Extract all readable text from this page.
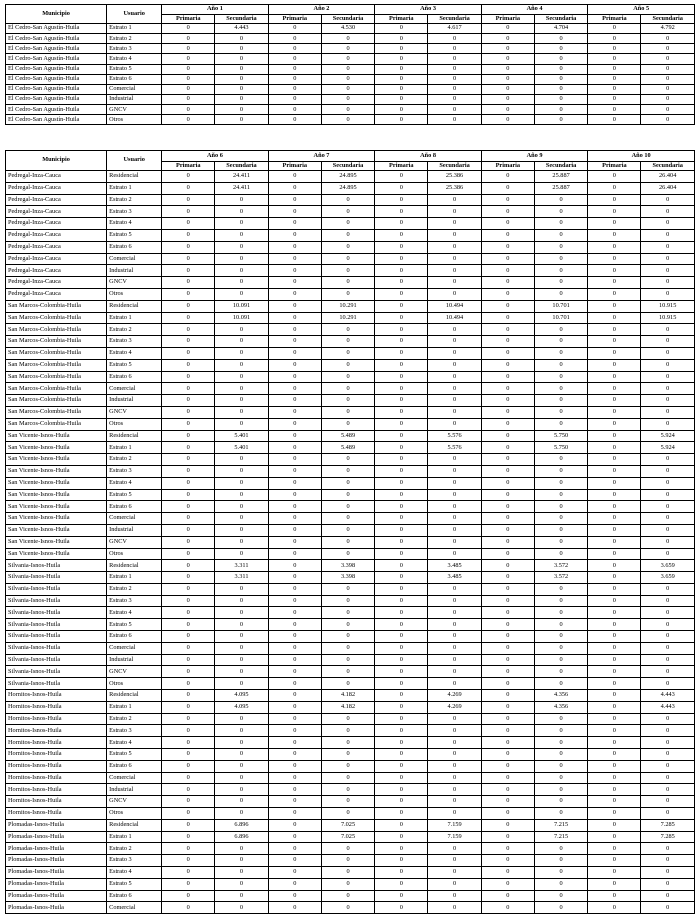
Municipio	Usuario	Año 1		Año 2		Año 3		Año 4		Año 5	
		Primaria	Secundaria	Primaria	Secundaria	Primaria	Secundaria	Primaria	Secundaria	Primaria	Secundaria
El Cedro-San Agustín-Huila	Estrato 1	0	4.443	0	4.530	0	4.617	0	4.704	0	4.792
El Cedro-San Agustín-Huila	Estrato 2	0	0	0	0	0	0	0	0	0	0
El Cedro-San Agustín-Huila	Estrato 3	0	0	0	0	0	0	0	0	0	0
El Cedro-San Agustín-Huila	Estrato 4	0	0	0	0	0	0	0	0	0	0
El Cedro-San Agustín-Huila	Estrato 5	0	0	0	0	0	0	0	0	0	0
El Cedro-San Agustín-Huila	Estrato 6	0	0	0	0	0	0	0	0	0	0
El Cedro-San Agustín-Huila	Comercial	0	0	0	0	0	0	0	0	0	0
El Cedro-San Agustín-Huila	Industrial	0	0	0	0	0	0	0	0	0	0
El Cedro-San Agustín-Huila	GNCV	0	0	0	0	0	0	0	0	0	0
El Cedro-San Agustín-Huila	Otros	0	0	0	0	0	0	0	0	0	0
Municipio	Usuario	Año 6		Año 7		Año 8		Año 9		Año 10	
		Primaria	Secundaria	Primaria	Secundaria	Primaria	Secundaria	Primaria	Secundaria	Primaria	Secundaria
Pedregal-Inza-Cauca	Residencial	0	24.411	0	24.895	0	25.386	0	25.887	0	26.404
Pedregal-Inza-Cauca	Estrato 1	0	24.411	0	24.895	0	25.386	0	25.887	0	26.404
Pedregal-Inza-Cauca	Estrato 2	0	0	0	0	0	0	0	0	0	0
Pedregal-Inza-Cauca	Estrato 3	0	0	0	0	0	0	0	0	0	0
Pedregal-Inza-Cauca	Estrato 4	0	0	0	0	0	0	0	0	0	0
Pedregal-Inza-Cauca	Estrato 5	0	0	0	0	0	0	0	0	0	0
Pedregal-Inza-Cauca	Estrato 6	0	0	0	0	0	0	0	0	0	0
Pedregal-Inza-Cauca	Comercial	0	0	0	0	0	0	0	0	0	0
Pedregal-Inza-Cauca	Industrial	0	0	0	0	0	0	0	0	0	0
Pedregal-Inza-Cauca	GNCV	0	0	0	0	0	0	0	0	0	0
Pedregal-Inza-Cauca	Otros	0	0	0	0	0	0	0	0	0	0
San Marcos-Colombia-Huila	Residencial	0	10.091	0	10.291	0	10.494	0	10.701	0	10.915
San Marcos-Colombia-Huila	Estrato 1	0	10.091	0	10.291	0	10.494	0	10.701	0	10.915
San Marcos-Colombia-Huila	Estrato 2	0	0	0	0	0	0	0	0	0	0
San Marcos-Colombia-Huila	Estrato 3	0	0	0	0	0	0	0	0	0	0
San Marcos-Colombia-Huila	Estrato 4	0	0	0	0	0	0	0	0	0	0
San Marcos-Colombia-Huila	Estrato 5	0	0	0	0	0	0	0	0	0	0
San Marcos-Colombia-Huila	Estrato 6	0	0	0	0	0	0	0	0	0	0
San Marcos-Colombia-Huila	Comercial	0	0	0	0	0	0	0	0	0	0
San Marcos-Colombia-Huila	Industrial	0	0	0	0	0	0	0	0	0	0
San Marcos-Colombia-Huila	GNCV	0	0	0	0	0	0	0	0	0	0
San Marcos-Colombia-Huila	Otros	0	0	0	0	0	0	0	0	0	0
San Vicente-Isnos-Huila	Residencial	0	5.401	0	5.489	0	5.576	0	5.750	0	5.924
San Vicente-Isnos-Huila	Estrato 1	0	5.401	0	5.489	0	5.576	0	5.750	0	5.924
San Vicente-Isnos-Huila	Estrato 2	0	0	0	0	0	0	0	0	0	0
San Vicente-Isnos-Huila	Estrato 3	0	0	0	0	0	0	0	0	0	0
San Vicente-Isnos-Huila	Estrato 4	0	0	0	0	0	0	0	0	0	0
San Vicente-Isnos-Huila	Estrato 5	0	0	0	0	0	0	0	0	0	0
San Vicente-Isnos-Huila	Estrato 6	0	0	0	0	0	0	0	0	0	0
San Vicente-Isnos-Huila	Comercial	0	0	0	0	0	0	0	0	0	0
San Vicente-Isnos-Huila	Industrial	0	0	0	0	0	0	0	0	0	0
San Vicente-Isnos-Huila	GNCV	0	0	0	0	0	0	0	0	0	0
San Vicente-Isnos-Huila	Otros	0	0	0	0	0	0	0	0	0	0
Silvania-Isnos-Huila	Residencial	0	3.311	0	3.398	0	3.485	0	3.572	0	3.659
Silvania-Isnos-Huila	Estrato 1	0	3.311	0	3.398	0	3.485	0	3.572	0	3.659
Silvania-Isnos-Huila	Estrato 2	0	0	0	0	0	0	0	0	0	0
Silvania-Isnos-Huila	Estrato 3	0	0	0	0	0	0	0	0	0	0
Silvania-Isnos-Huila	Estrato 4	0	0	0	0	0	0	0	0	0	0
Silvania-Isnos-Huila	Estrato 5	0	0	0	0	0	0	0	0	0	0
Silvania-Isnos-Huila	Estrato 6	0	0	0	0	0	0	0	0	0	0
Silvania-Isnos-Huila	Comercial	0	0	0	0	0	0	0	0	0	0
Silvania-Isnos-Huila	Industrial	0	0	0	0	0	0	0	0	0	0
Silvania-Isnos-Huila	GNCV	0	0	0	0	0	0	0	0	0	0
Silvania-Isnos-Huila	Otros	0	0	0	0	0	0	0	0	0	0
Hornitos-Isnos-Huila	Residencial	0	4.095	0	4.182	0	4.269	0	4.356	0	4.443
Hornitos-Isnos-Huila	Estrato 1	0	4.095	0	4.182	0	4.269	0	4.356	0	4.443
Hornitos-Isnos-Huila	Estrato 2	0	0	0	0	0	0	0	0	0	0
Hornitos-Isnos-Huila	Estrato 3	0	0	0	0	0	0	0	0	0	0
Hornitos-Isnos-Huila	Estrato 4	0	0	0	0	0	0	0	0	0	0
Hornitos-Isnos-Huila	Estrato 5	0	0	0	0	0	0	0	0	0	0
Hornitos-Isnos-Huila	Estrato 6	0	0	0	0	0	0	0	0	0	0
Hornitos-Isnos-Huila	Comercial	0	0	0	0	0	0	0	0	0	0
Hornitos-Isnos-Huila	Industrial	0	0	0	0	0	0	0	0	0	0
Hornitos-Isnos-Huila	GNCV	0	0	0	0	0	0	0	0	0	0
Hornitos-Isnos-Huila	Otros	0	0	0	0	0	0	0	0	0	0
Plomadas-Isnos-Huila	Residencial	0	6.896	0	7.025	0	7.159	0	7.215	0	7.285
Plomadas-Isnos-Huila	Estrato 1	0	6.896	0	7.025	0	7.159	0	7.215	0	7.285
Plomadas-Isnos-Huila	Estrato 2	0	0	0	0	0	0	0	0	0	0
Plomadas-Isnos-Huila	Estrato 3	0	0	0	0	0	0	0	0	0	0
Plomadas-Isnos-Huila	Estrato 4	0	0	0	0	0	0	0	0	0	0
Plomadas-Isnos-Huila	Estrato 5	0	0	0	0	0	0	0	0	0	0
Plomadas-Isnos-Huila	Estrato 6	0	0	0	0	0	0	0	0	0	0
Plomadas-Isnos-Huila	Comercial	0	0	0	0	0	0	0	0	0	0
